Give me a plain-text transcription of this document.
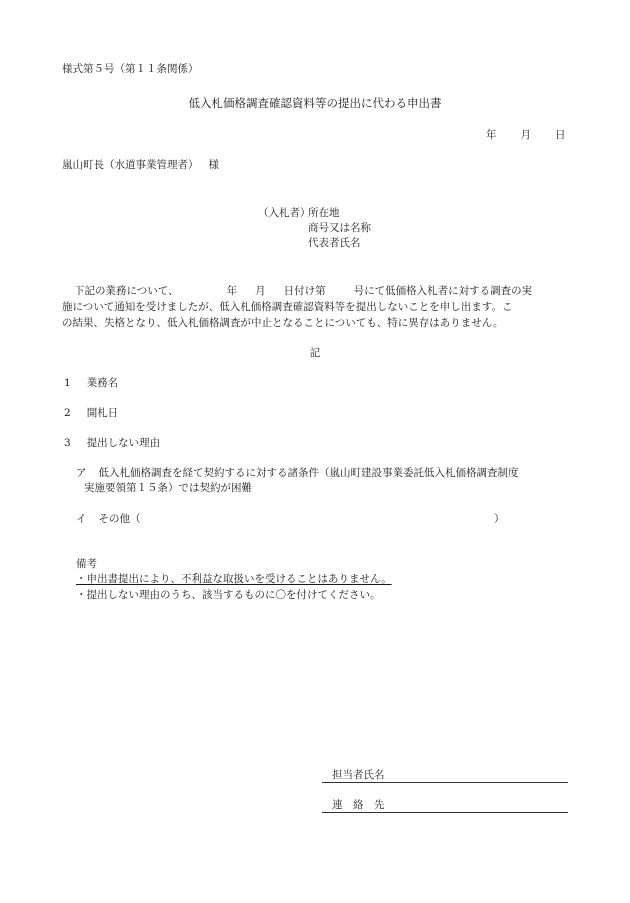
様式第５号（第１１条関係）
低入札価格調査確認資料等の提出に代わる申出書
年 月 日
嵐山町長（水道事業管理者） 様
（入札者）
所在地
商号又は名称
代表者氏名
下記の業務について、	年 月 日付け第	号にて低価格入札者に対する調査の実
施について通知を受けましたが、低入札価格調査確認資料等を提出しないことを申し出ます。こ
の結果、失格となり、低入札価格調査が中止となることについても、特に異存はありません。
記
1 業務名
2 開札日
3 提出しない理由
ア 低入札価格調査を経て契約するに対する諸条件（嵐山町建設事業委託低入札価格調査制度
実施要領第１５条）では契約が困難
イ その他（	）
備考
・申出書提出により、不利益な取扱いを受けることはありません。
・提出しない理由のうち、該当するものに〇を付けてください。
担当者氏名
連　絡　先
